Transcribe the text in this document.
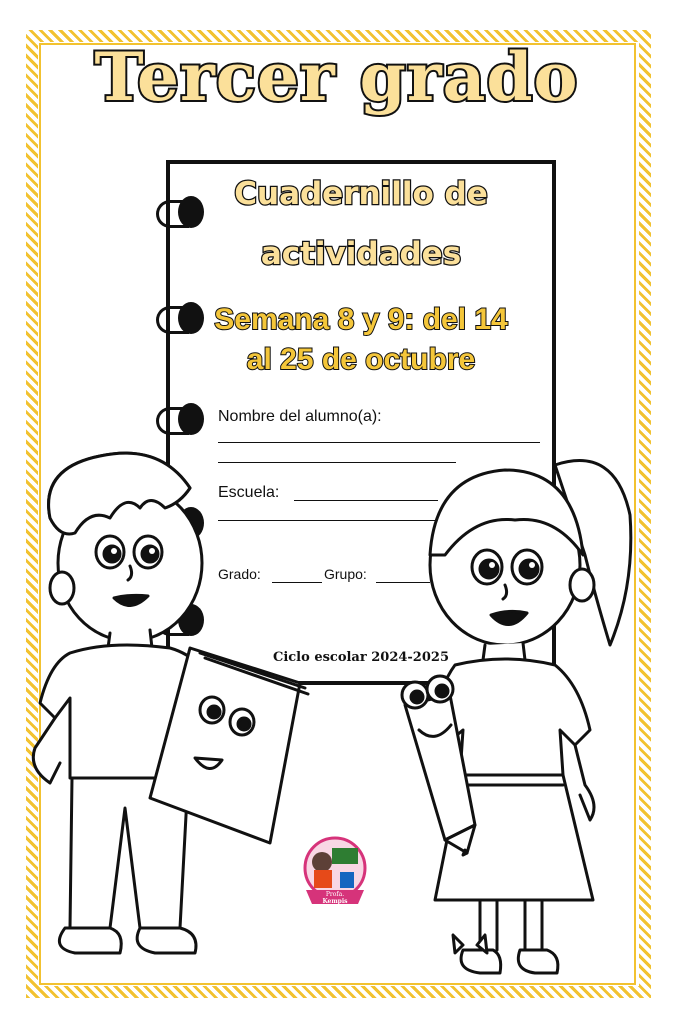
Tercer grado
Cuadernillo de
actividades
Semana 8 y 9: del 14
al 25 de octubre
Nombre del alumno(a):
Escuela:
Grado:	Grupo:
Ciclo escolar 2024-2025
Profa.
Kempis
